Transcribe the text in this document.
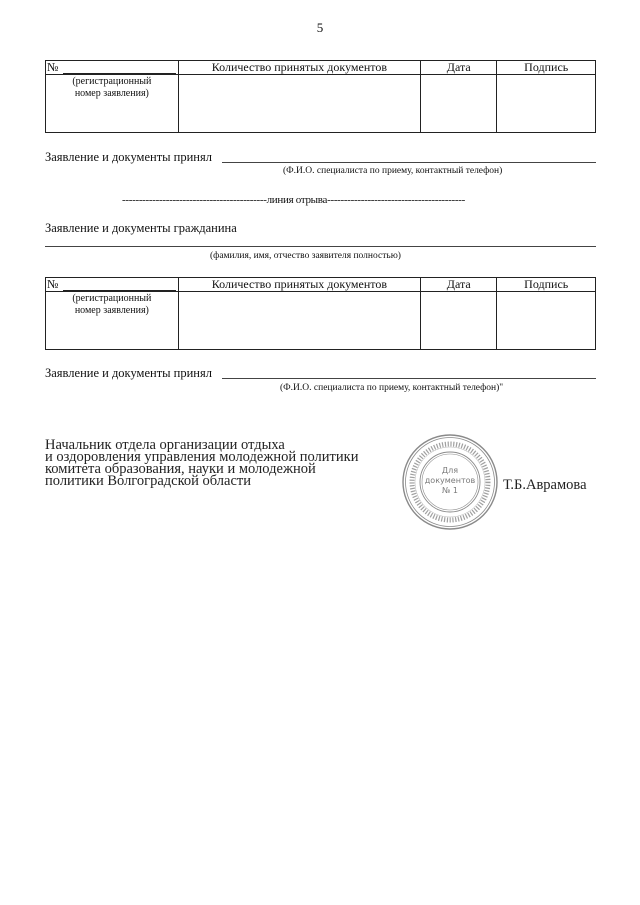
5
№	Количество принятых документов	Дата	Подпись

(регистрационный
номер заявления)			

Заявление и документы принял
(Ф.И.О. специалиста по приему, контактный телефон)
-------------------------------------------линия отрыва-----------------------------------------
Заявление и документы гражданина
(фамилия, имя, отчество заявителя полностью)
№	Количество принятых документов	Дата	Подпись

(регистрационный
номер заявления)			

Заявление и документы принял
(Ф.И.О. специалиста по приему, контактный телефон)"
Начальник отдела организации отдыха
и оздоровления управления молодежной политики
комитета образования, науки и молодежной
политики Волгоградской области
Для
документов
№ 1	Т.Б.Аврамова
